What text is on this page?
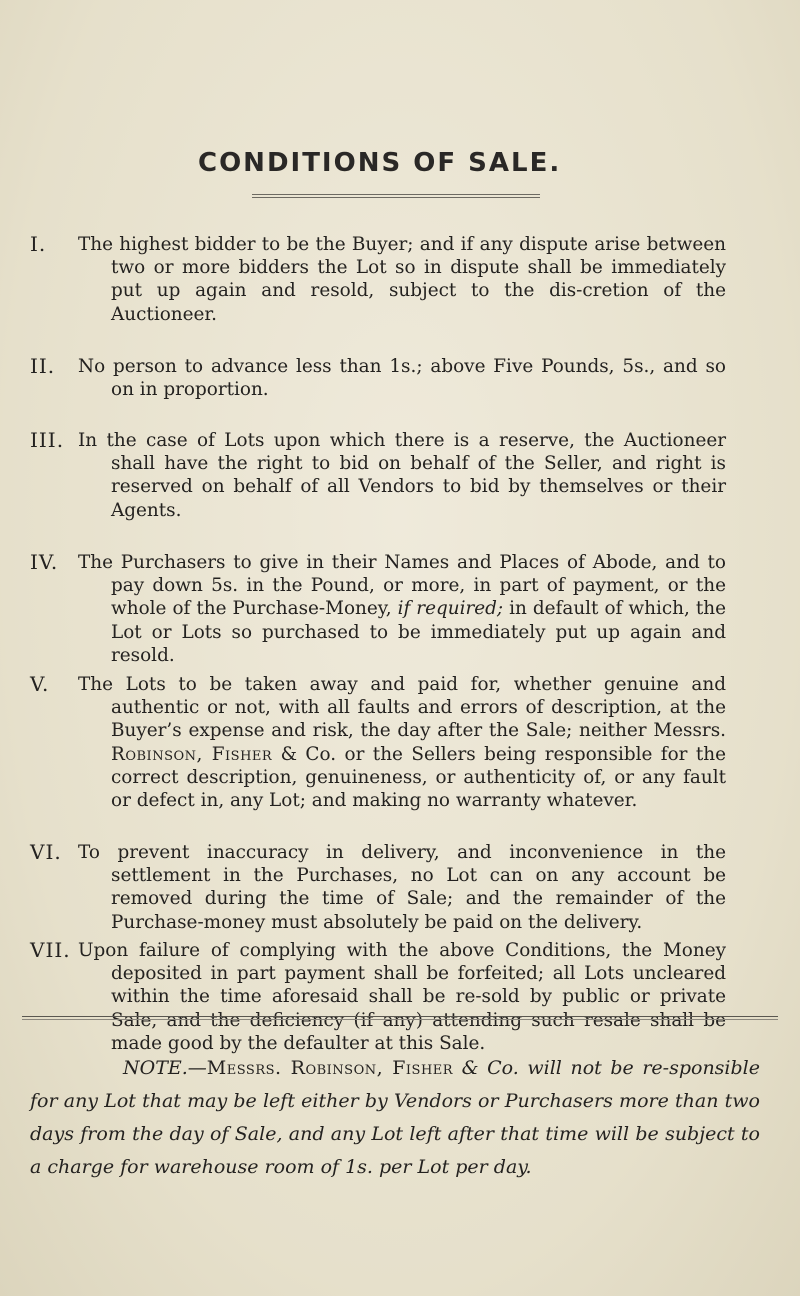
CONDITIONS OF SALE.
I. The highest bidder to be the Buyer; and if any dispute arise between two or more bidders the Lot so in dispute shall be immediately put up again and resold, subject to the dis-cretion of the Auctioneer.
II. No person to advance less than 1s.; above Five Pounds, 5s., and so on in proportion.
III. In the case of Lots upon which there is a reserve, the Auctioneer shall have the right to bid on behalf of the Seller, and right is reserved on behalf of all Vendors to bid by themselves or their Agents.
IV. The Purchasers to give in their Names and Places of Abode, and to pay down 5s. in the Pound, or more, in part of payment, or the whole of the Purchase-Money, if required; in default of which, the Lot or Lots so purchased to be immediately put up again and resold.
V. The Lots to be taken away and paid for, whether genuine and authentic or not, with all faults and errors of description, at the Buyer’s expense and risk, the day after the Sale; neither Messrs. Robinson, Fisher & Co. or the Sellers being responsible for the correct description, genuineness, or authenticity of, or any fault or defect in, any Lot; and making no warranty whatever.
VI. To prevent inaccuracy in delivery, and inconvenience in the settlement in the Purchases, no Lot can on any account be removed during the time of Sale; and the remainder of the Purchase-money must absolutely be paid on the delivery.
VII. Upon failure of complying with the above Conditions, the Money deposited in part payment shall be forfeited; all Lots uncleared within the time aforesaid shall be re-sold by public or private Sale, and the deficiency (if any) attending such resale shall be made good by the defaulter at this Sale.
NOTE.—Messrs. Robinson, Fisher & Co. will not be re-sponsible for any Lot that may be left either by Vendors or Purchasers more than two days from the day of Sale, and any Lot left after that time will be subject to a charge for warehouse room of 1s. per Lot per day.
